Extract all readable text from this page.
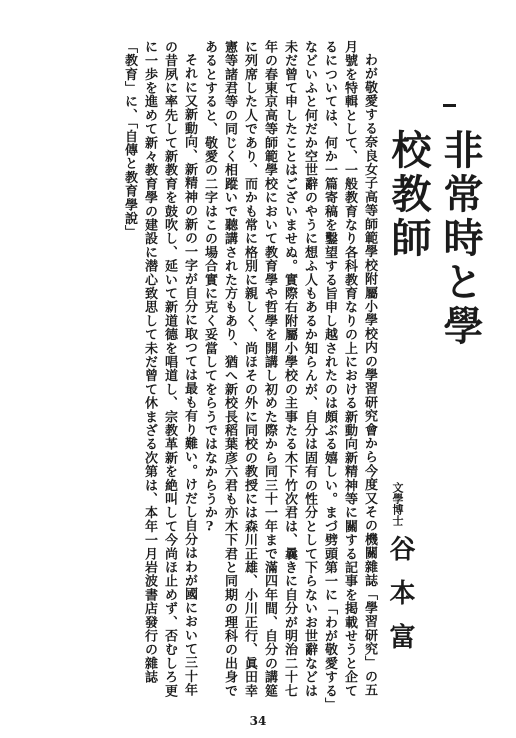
非常時と學校教師
文學博士
谷本富

わが敬愛する奈良女子高等師範學校附屬小學校内の學習研究會から今度又その機關雜誌「學習研究」の五月號を特輯として、一般教育なり各科教育なりの上における新動向新精神等に關する記事を掲載せうと企てるについては、何か一篇寄稿を鑿望する旨申し越されたのは頗ぶる嬉しい。まづ劈頭第一に「わが敬愛する」などいふと何だか空世辭のやうに想ふ人もあるか知らんが、自分は固有の性分として下らないお世辭などは未だ曾て申したことはございませぬ。實際右附屬小學校の主事たる木下竹次君は、曩きに自分が明治二十七年の春東京高等師範學校において教育學や哲學を開講し初めた際から同三十一年まで滿四年間、自分の講筵に列席した人であり、而かも常に格別に親しく、尚ほその外に同校の教授には森川正雄、小川正行、眞田幸憲等諸君等の同じく相蹤いで聽講された方もあり、猶へ新校長稻葉彦六君も亦木下君と同期の理科の出身であるとすると、敬愛の二字はこの場合實に克く妥當してをらうではなからうか?

それに又新動向、新精神の新の一字が自分に取つては最も有り難い。けだし自分はわが國において三十年の昔夙に率先して新教育を鼓吹し、延いて新道德を唱道し、宗教革新を絶叫して今尚ほ止めず、否むしろ更に一歩を進めて新々教育學の建設に潜心致思して未だ曾て休まざる次第は、本年一月岩波書店發行の雜誌「教育」に、「自傳と教育學說」

34
